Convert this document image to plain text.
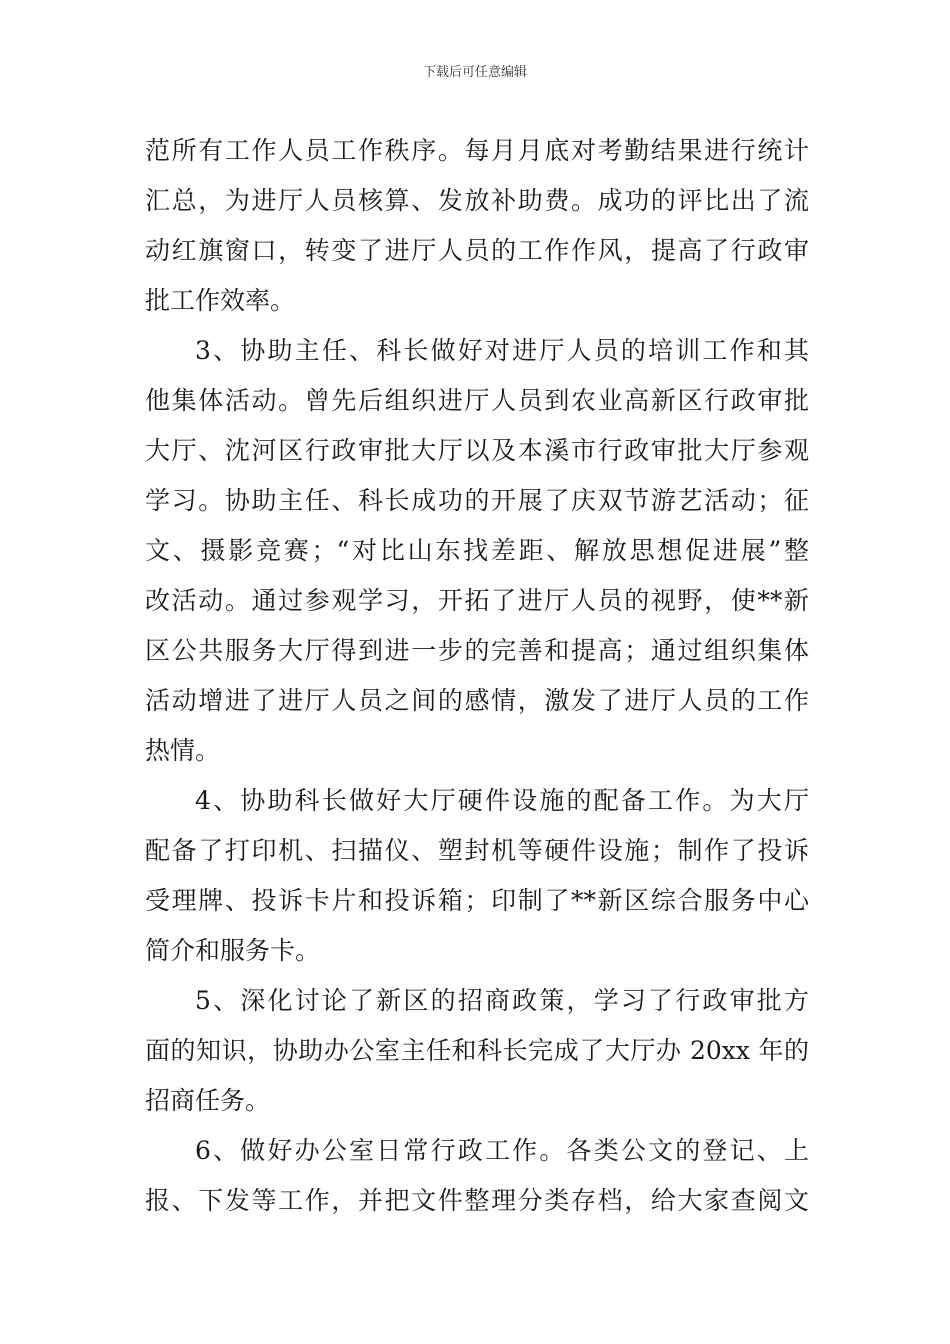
下载后可任意编辑
范所有工作人员工作秩序。每月月底对考勤结果进行统计
汇总，为进厅人员核算、发放补助费。成功的评比出了流
动红旗窗口，转变了进厅人员的工作作风，提高了行政审
批工作效率。
3、协助主任、科长做好对进厅人员的培训工作和其
他集体活动。曾先后组织进厅人员到农业高新区行政审批
大厅、沈河区行政审批大厅以及本溪市行政审批大厅参观
学习。协助主任、科长成功的开展了庆双节游艺活动；征
文、摄影竞赛；“对比山东找差距、解放思想促进展”整
改活动。通过参观学习，开拓了进厅人员的视野，使**新
区公共服务大厅得到进一步的完善和提高；通过组织集体
活动增进了进厅人员之间的感情，激发了进厅人员的工作
热情。
4、协助科长做好大厅硬件设施的配备工作。为大厅
配备了打印机、扫描仪、塑封机等硬件设施；制作了投诉
受理牌、投诉卡片和投诉箱；印制了**新区综合服务中心
简介和服务卡。
5、深化讨论了新区的招商政策，学习了行政审批方
面的知识，协助办公室主任和科长完成了大厅办 20xx 年的
招商任务。
6、做好办公室日常行政工作。各类公文的登记、上
报、下发等工作，并把文件整理分类存档，给大家查阅文
